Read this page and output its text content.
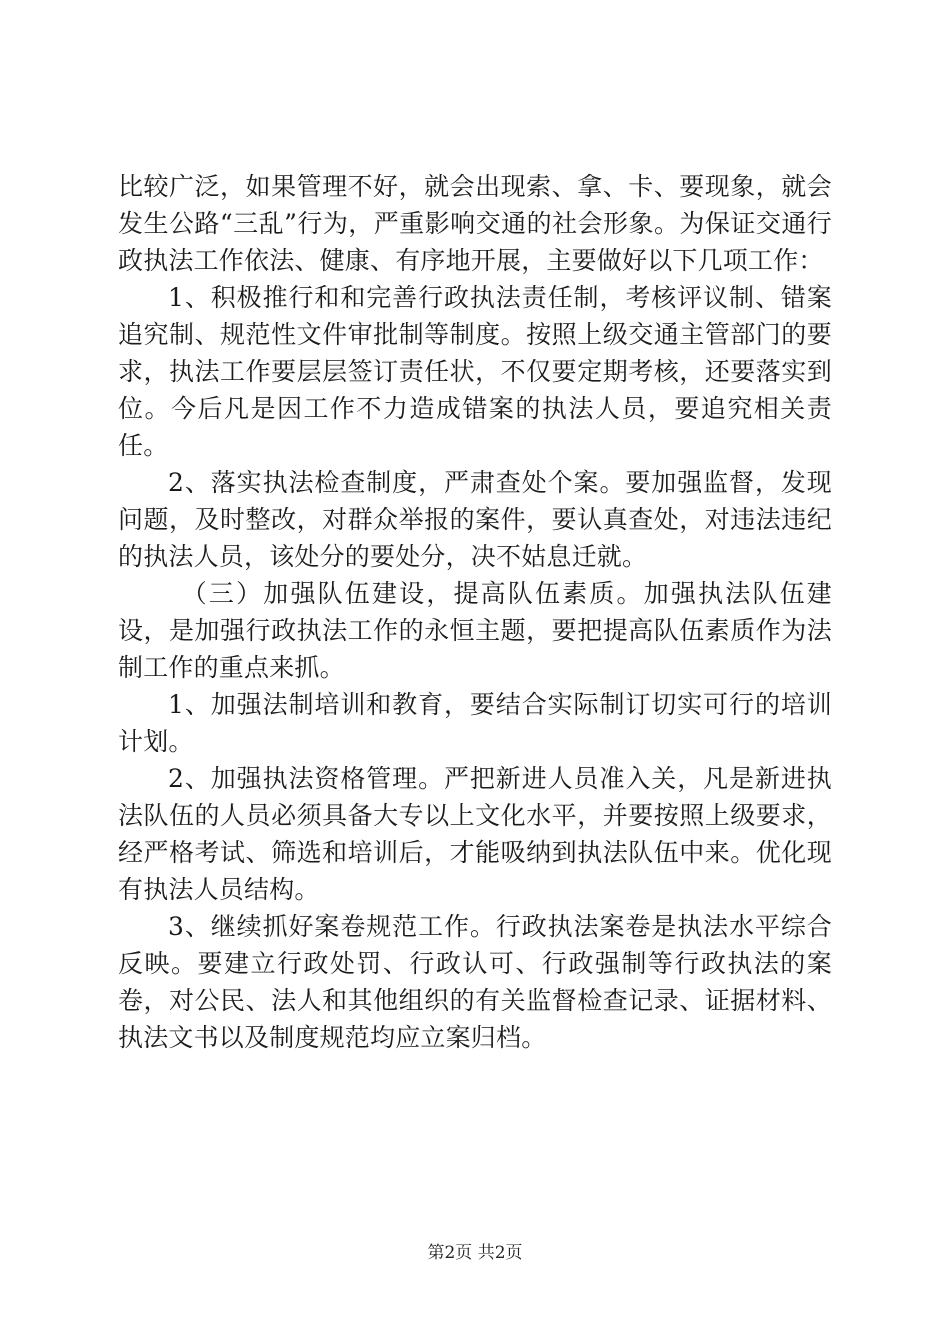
比较广泛，如果管理不好，就会出现索、拿、卡、要现象，就会发生公路“三乱”行为，严重影响交通的社会形象。为保证交通行政执法工作依法、健康、有序地开展，主要做好以下几项工作：

1、积极推行和和完善行政执法责任制，考核评议制、错案追究制、规范性文件审批制等制度。按照上级交通主管部门的要求，执法工作要层层签订责任状，不仅要定期考核，还要落实到位。今后凡是因工作不力造成错案的执法人员，要追究相关责任。

2、落实执法检查制度，严肃查处个案。要加强监督，发现问题，及时整改，对群众举报的案件，要认真查处，对违法违纪的执法人员，该处分的要处分，决不姑息迁就。

（三）加强队伍建设，提高队伍素质。加强执法队伍建设，是加强行政执法工作的永恒主题，要把提高队伍素质作为法制工作的重点来抓。

1、加强法制培训和教育，要结合实际制订切实可行的培训计划。

2、加强执法资格管理。严把新进人员准入关，凡是新进执法队伍的人员必须具备大专以上文化水平，并要按照上级要求，经严格考试、筛选和培训后，才能吸纳到执法队伍中来。优化现有执法人员结构。

3、继续抓好案卷规范工作。行政执法案卷是执法水平综合反映。要建立行政处罚、行政认可、行政强制等行政执法的案卷，对公民、法人和其他组织的有关监督检查记录、证据材料、执法文书以及制度规范均应立案归档。

第2页 共2页
